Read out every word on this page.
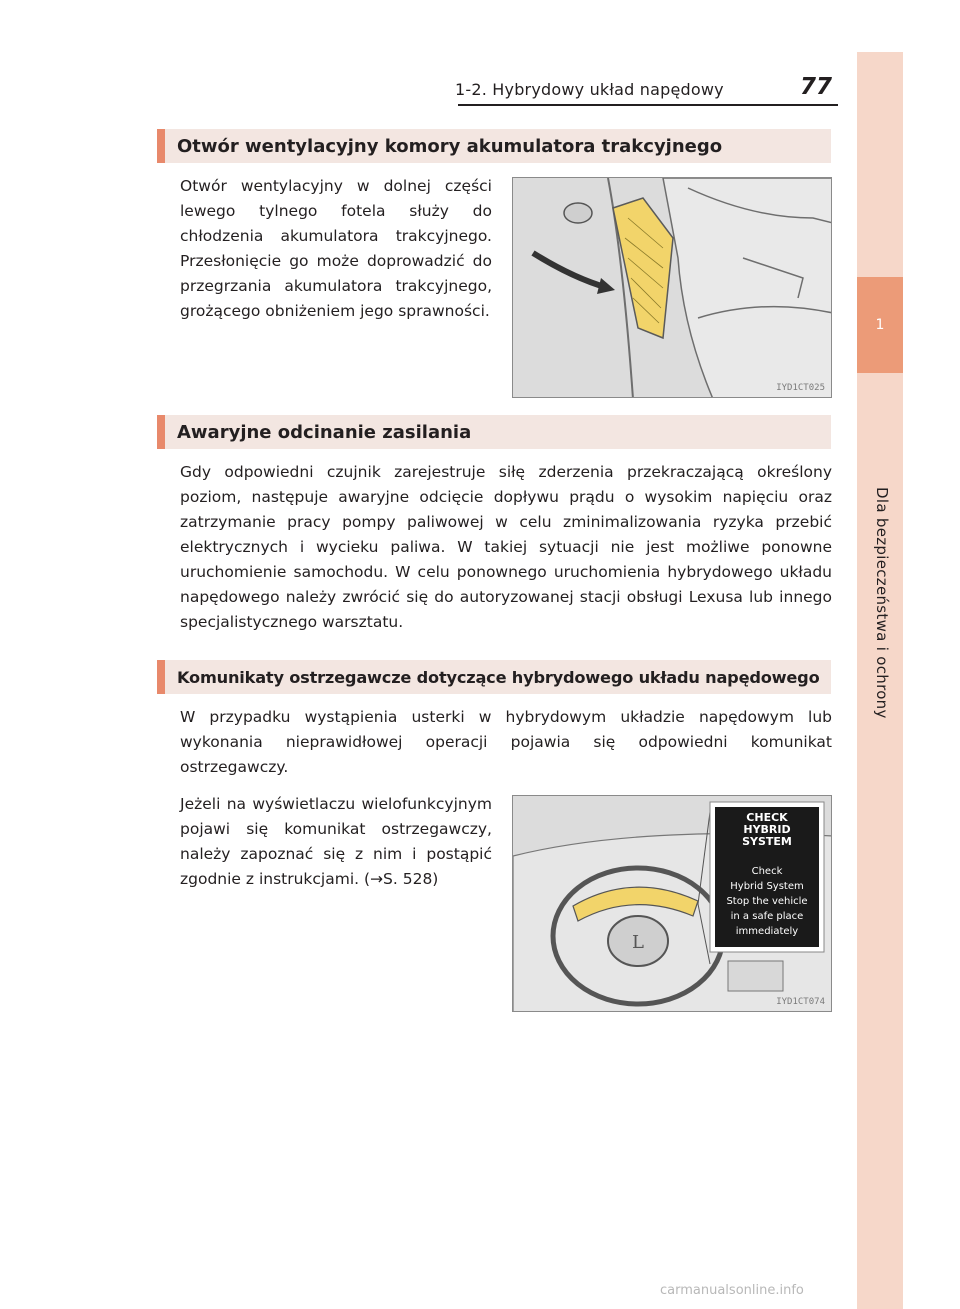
1
Dla bezpieczeństwa i ochrony
1-2. Hybrydowy układ napędowy	77
Otwór wentylacyjny komory akumulatora trakcyjnego

Otwór wentylacyjny w dolnej części lewego tylnego fotela służy do chłodzenia akumulatora trakcyjnego. Przesłonięcie go może doprowadzić do przegrzania akumulatora trakcyjnego, grożącego obniżeniem jego sprawności.

IYD1CT025
Awaryjne odcinanie zasilania

Gdy odpowiedni czujnik zarejestruje siłę zderzenia przekraczającą określony poziom, następuje awaryjne odcięcie dopływu prądu o wysokim napięciu oraz zatrzymanie pracy pompy paliwowej w celu zminimalizowania ryzyka przebić elektrycznych i wycieku paliwa. W takiej sytuacji nie jest możliwe ponowne uruchomienie samochodu. W celu ponownego uruchomienia hybrydowego układu napędowego należy zwrócić się do autoryzowanej stacji obsługi Lexusa lub innego specjalistycznego warsztatu.

Komunikaty ostrzegawcze dotyczące hybrydowego układu napędowego

W przypadku wystąpienia usterki w hybrydowym układzie napędowym lub wykonania nieprawidłowej operacji pojawia się odpowiedni komunikat ostrzegawczy.

Jeżeli na wyświetlaczu wielofunkcyjnym pojawi się komunikat ostrzegawczy, należy zapoznać się z nim i postąpić zgodnie z instrukcjami. (→S. 528)

L
CHECK
HYBRID
SYSTEM
Check
Hybrid System
Stop the vehicle
in a safe place
immediately
IYD1CT074
carmanualsonline.info
